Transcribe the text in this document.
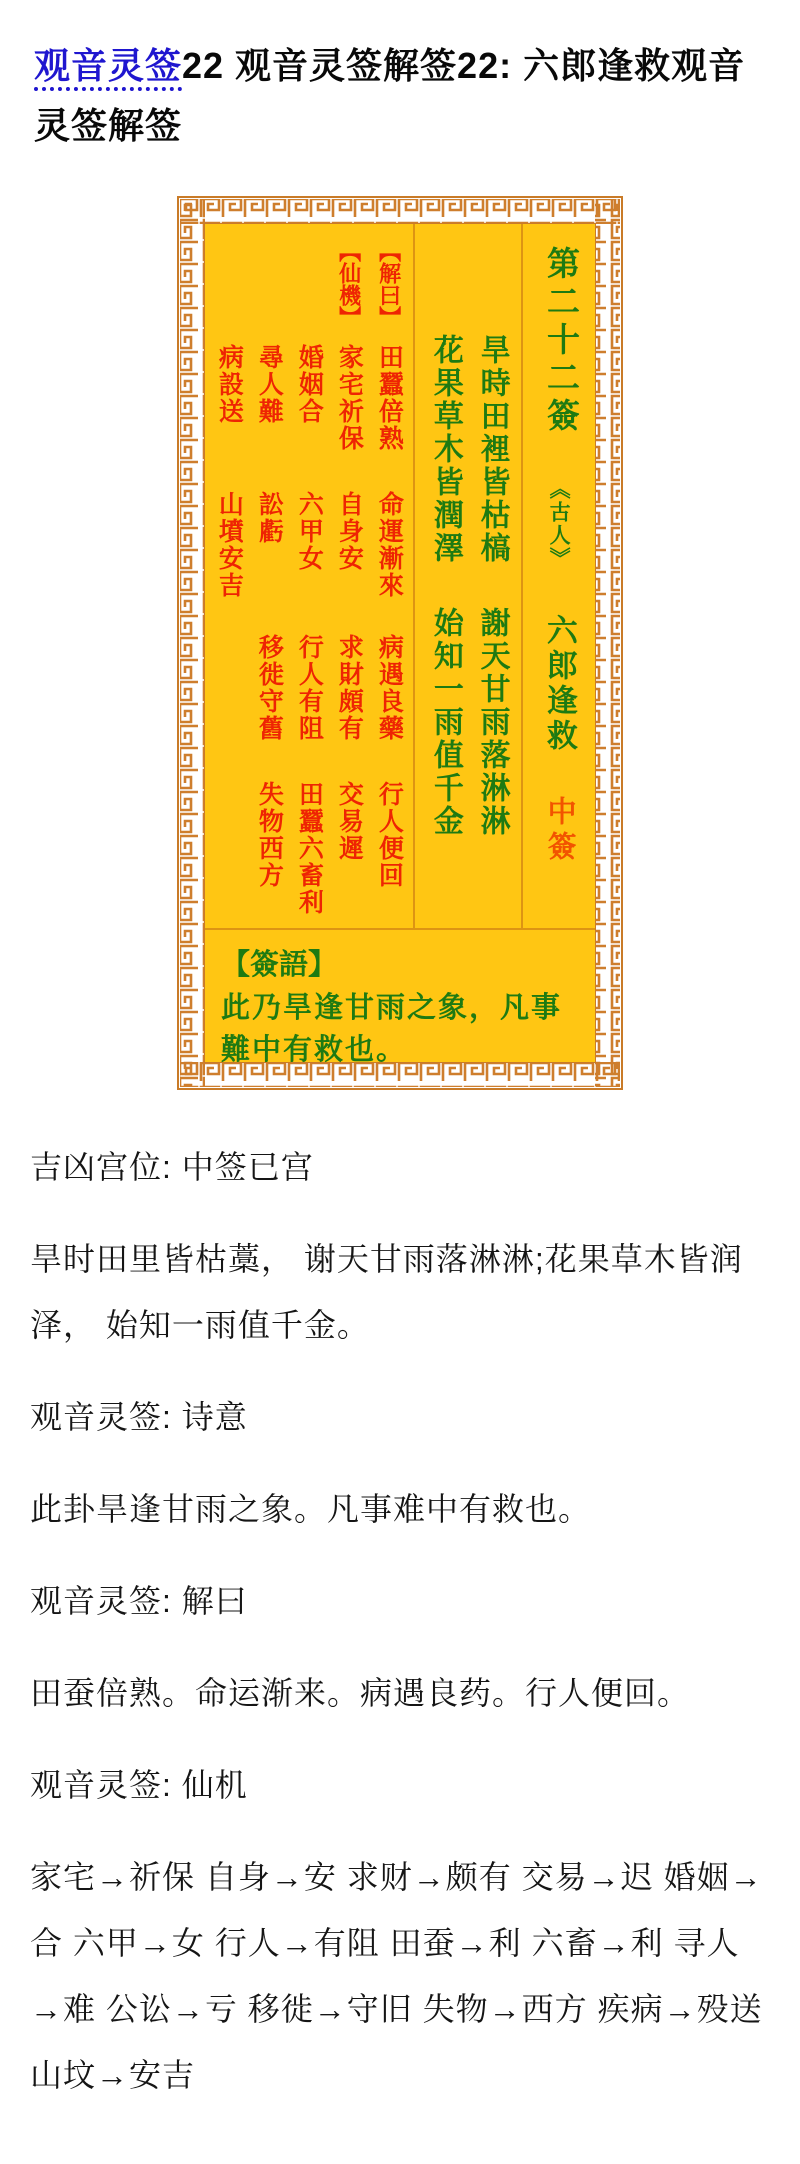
观音灵签22 观音灵签解签22: 六郎逢救观音灵签解签
【解曰】
【仙機】
田蠶倍熟
命運漸來
病遇良藥
行人便回
家宅祈保
自身安
求財頗有
交易遲
婚姻合
六甲女
行人有阻
田蠶六畜利
尋人難
訟虧
移徙守舊
失物西方
病設送
山墳安吉	旱時田裡皆枯槁
謝天甘雨落淋淋
花果草木皆潤澤
始知一雨值千金
第二十二簽
《古人》
六郎逢救
中簽
【簽語】
此乃旱逢甘雨之象，凡事難中有救也。

吉凶宫位: 中签已宫

旱时田里皆枯藁， 谢天甘雨落淋淋;花果草木皆润泽， 始知一雨值千金。

观音灵签: 诗意

此卦旱逢甘雨之象。凡事难中有救也。

观音灵签: 解曰

田蚕倍熟。命运渐来。病遇良药。行人便回。

观音灵签: 仙机

家宅→祈保 自身→安 求财→颇有 交易→迟 婚姻→合 六甲→女 行人→有阻 田蚕→利 六畜→利 寻人→难 公讼→亏 移徙→守旧 失物→西方 疾病→殁送 山坟→安吉
